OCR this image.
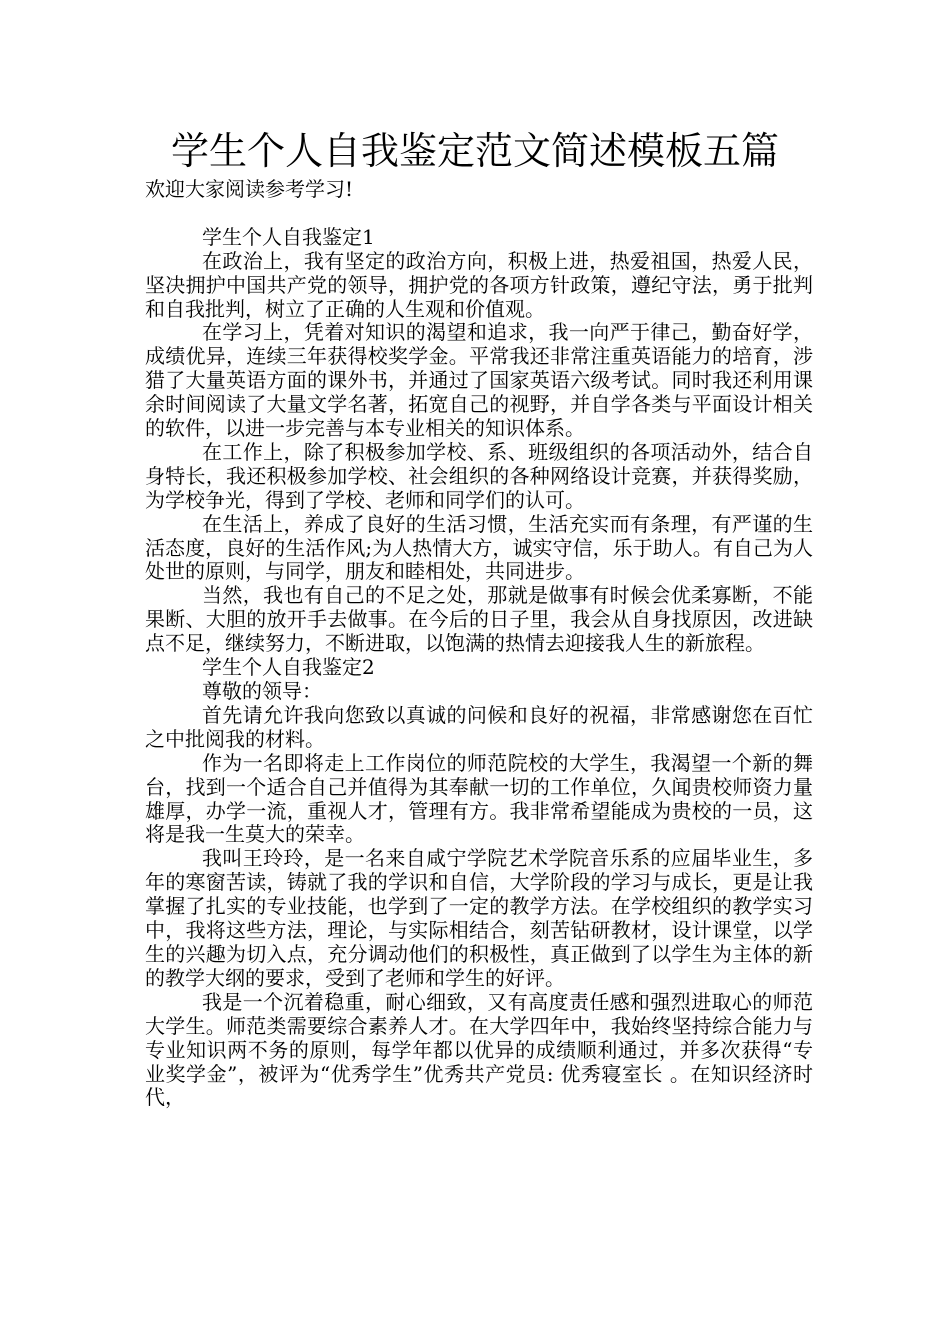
学生个人自我鉴定范文简述模板五篇

欢迎大家阅读参考学习!

学生个人自我鉴定1

在政治上，我有坚定的政治方向，积极上进，热爱祖国，热爱人民，坚决拥护中国共产党的领导，拥护党的各项方针政策，遵纪守法，勇于批判和自我批判，树立了正确的人生观和价值观。

在学习上，凭着对知识的渴望和追求，我一向严于律己，勤奋好学，成绩优异，连续三年获得校奖学金。平常我还非常注重英语能力的培育，涉猎了大量英语方面的课外书，并通过了国家英语六级考试。同时我还利用课余时间阅读了大量文学名著，拓宽自己的视野，并自学各类与平面设计相关的软件，以进一步完善与本专业相关的知识体系。

在工作上，除了积极参加学校、系、班级组织的各项活动外，结合自身特长，我还积极参加学校、社会组织的各种网络设计竞赛，并获得奖励，为学校争光，得到了学校、老师和同学们的认可。

在生活上，养成了良好的生活习惯，生活充实而有条理，有严谨的生活态度，良好的生活作风;为人热情大方，诚实守信，乐于助人。有自己为人处世的原则，与同学，朋友和睦相处，共同进步。

当然，我也有自己的不足之处，那就是做事有时候会优柔寡断，不能果断、大胆的放开手去做事。在今后的日子里，我会从自身找原因，改进缺点不足，继续努力，不断进取，以饱满的热情去迎接我人生的新旅程。

学生个人自我鉴定2

尊敬的领导：

首先请允许我向您致以真诚的问候和良好的祝福，非常感谢您在百忙之中批阅我的材料。

作为一名即将走上工作岗位的师范院校的大学生，我渴望一个新的舞台，找到一个适合自己并值得为其奉献一切的工作单位，久闻贵校师资力量雄厚，办学一流，重视人才，管理有方。我非常希望能成为贵校的一员，这将是我一生莫大的荣幸。

我叫王玲玲，是一名来自咸宁学院艺术学院音乐系的应届毕业生，多年的寒窗苦读，铸就了我的学识和自信，大学阶段的学习与成长，更是让我掌握了扎实的专业技能，也学到了一定的教学方法。在学校组织的教学实习中，我将这些方法，理论，与实际相结合，刻苦钻研教材，设计课堂，以学生的兴趣为切入点，充分调动他们的积极性，真正做到了以学生为主体的新的教学大纲的要求，受到了老师和学生的好评。

我是一个沉着稳重，耐心细致，又有高度责任感和强烈进取心的师范大学生。师范类需要综合素养人才。在大学四年中，我始终坚持综合能力与专业知识两不务的原则，每学年都以优异的成绩顺利通过，并多次获得“专业奖学金”，被评为“优秀学生”优秀共产党员: 优秀寝室长 。在知识经济时代，
